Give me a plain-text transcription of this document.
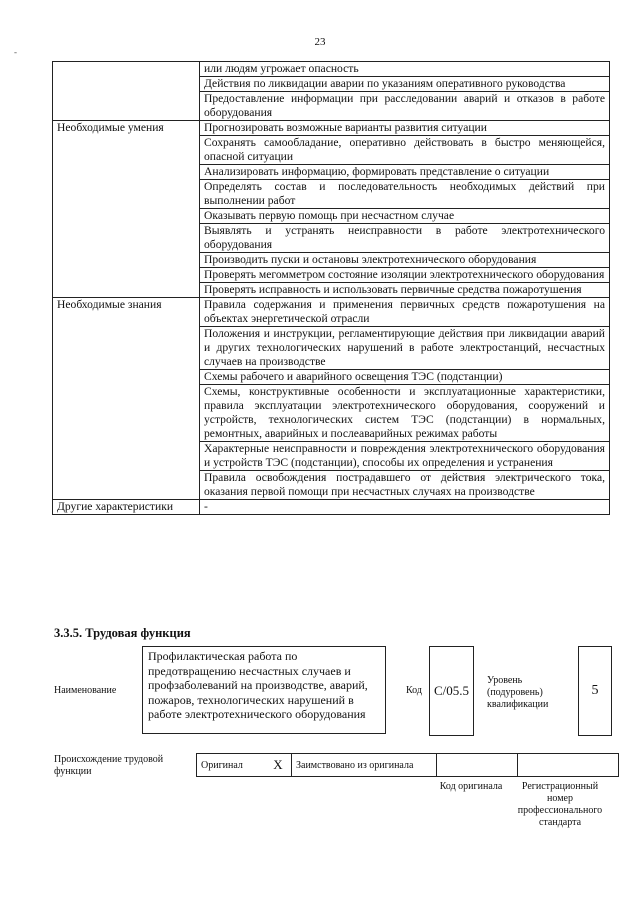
-
23
	или людям угрожает опасность
	Действия по ликвидации аварии по указаниям оперативного руководства
	Предоставление информации при расследовании аварий и отказов в работе оборудования
Необходимые умения	Прогнозировать возможные варианты развития ситуации
	Сохранять самообладание, оперативно действовать в быстро меняющейся, опасной ситуации
	Анализировать информацию, формировать представление о ситуации
	Определять состав и последовательность необходимых действий при выполнении работ
	Оказывать первую помощь при несчастном случае
	Выявлять и устранять неисправности в работе электротехнического оборудования
	Производить пуски и остановы электротехнического оборудования
	Проверять мегомметром состояние изоляции электротехнического оборудования
	Проверять исправность и использовать первичные средства пожаротушения
Необходимые знания	Правила содержания и применения первичных средств пожаротушения на объектах энергетической отрасли
	Положения и инструкции, регламентирующие действия при ликвидации аварий и других технологических нарушений в работе электростанций, несчастных случаев на производстве
	Схемы рабочего и аварийного освещения ТЭС (подстанции)
	Схемы, конструктивные особенности и эксплуатационные характеристики, правила эксплуатации электротехнического оборудования, сооружений и устройств, технологических систем ТЭС (подстанции) в нормальных, ремонтных, аварийных и послеаварийных режимах работы
	Характерные неисправности и повреждения электротехнического оборудования и устройств ТЭС (подстанции), способы их определения и устранения
	Правила освобождения пострадавшего от действия электрического тока, оказания первой помощи при несчастных случаях на производстве
Другие характеристики	-
3.3.5. Трудовая функция
Наименование
Профилактическая работа по предотвращению несчастных случаев и профзаболеваний на производстве, аварий, пожаров, технологических нарушений в работе электротехнического оборудования
Код С/05.5
Уровень (подуровень) квалификации
5
Происхождение трудовой функции
Оригинал	X	Заимствовано из оригинала		
Код оригинала	Регистрационный номер профессионального стандарта
